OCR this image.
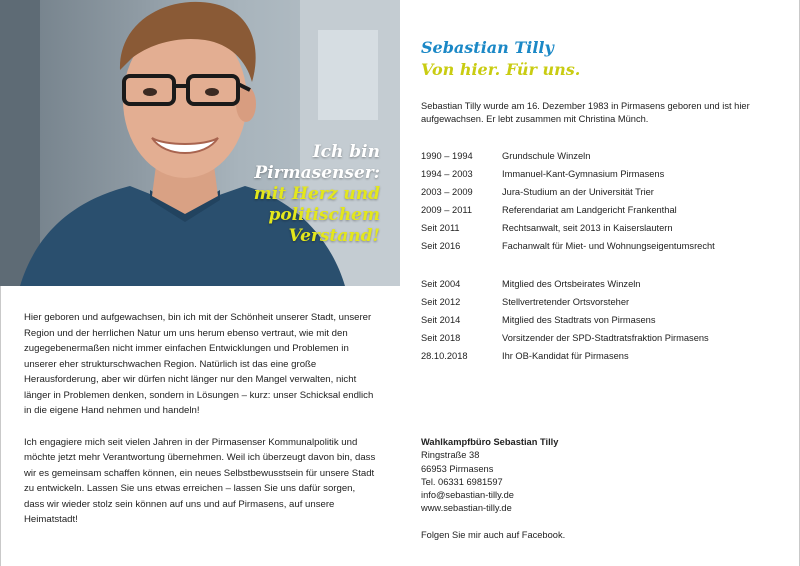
Ich bin
Pirmasenser:
mit Herz und
politischem
Verstand!

Hier geboren und aufgewachsen, bin ich mit der Schönheit unserer Stadt, unserer Region und der herrlichen Natur um uns herum ebenso vertraut, wie mit den zugegebenermaßen nicht immer einfachen Entwicklungen und Problemen in unserer eher strukturschwachen Region. Natürlich ist das eine große Herausforderung, aber wir dürfen nicht länger nur den Mangel verwalten, nicht länger in Problemen denken, sondern in Lösungen – kurz: unser Schicksal endlich in die eigene Hand nehmen und handeln!

Ich engagiere mich seit vielen Jahren in der Pirmasenser Kommunalpolitik und möchte jetzt mehr Verantwortung übernehmen. Weil ich überzeugt davon bin, dass wir es gemeinsam schaffen können, ein neues Selbstbewusstsein für unsere Stadt zu entwickeln. Lassen Sie uns etwas erreichen – lassen Sie uns dafür sorgen, dass wir wieder stolz sein können auf uns und auf Pirmasens, auf unsere Heimatstadt!

Sebastian Tilly
Von hier. Für uns.

Sebastian Tilly wurde am 16. Dezember 1983 in Pirmasens geboren und ist hier aufgewachsen. Er lebt zusammen mit Christina Münch.

1990 – 1994	Grundschule Winzeln
1994 – 2003	Immanuel-Kant-Gymnasium Pirmasens
2003 – 2009	Jura-Studium an der Universität Trier
2009 – 2011	Referendariat am Landgericht Frankenthal
Seit 2011	Rechtsanwalt, seit 2013 in Kaiserslautern
Seit 2016	Fachanwalt für Miet- und Wohnungseigentumsrecht
Seit 2004	Mitglied des Ortsbeirates Winzeln
Seit 2012	Stellvertretender Ortsvorsteher
Seit 2014	Mitglied des Stadtrats von Pirmasens
Seit 2018	Vorsitzender der SPD-Stadtratsfraktion Pirmasens
28.10.2018	Ihr OB-Kandidat für Pirmasens
Wahlkampfbüro Sebastian Tilly
Ringstraße 38
66953 Pirmasens
Tel. 06331 6981597
info@sebastian-tilly.de
www.sebastian-tilly.de
Folgen Sie mir auch auf Facebook.
